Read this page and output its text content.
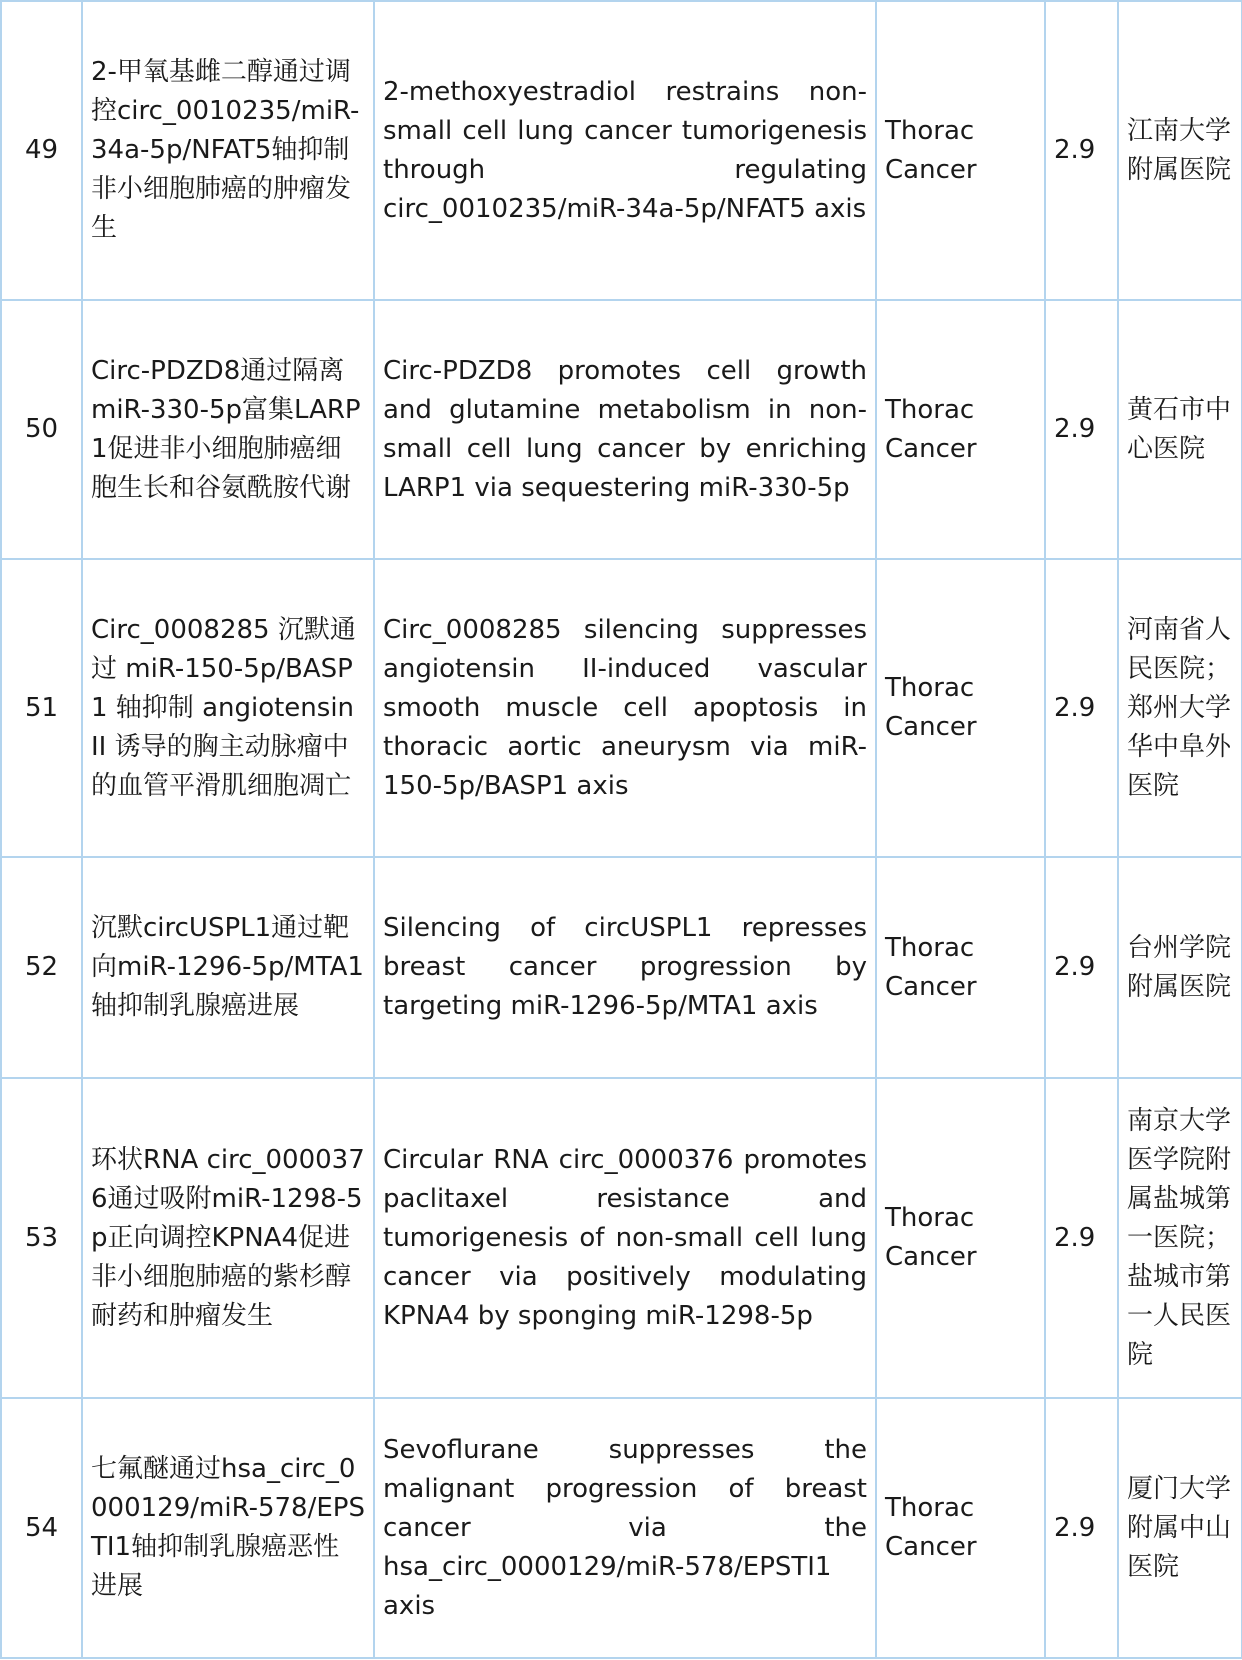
49	2-甲氧基雌二醇通过调控circ_0010235/miR-34a-5p/NFAT5轴抑制非小细胞肺癌的肿瘤发生	2-methoxyestradiol restrains non-small cell lung cancer tumorigenesis through regulating circ_0010235/miR-34a-5p/NFAT5 axis	Thorac Cancer	2.9	江南大学附属医院
50	Circ-PDZD8通过隔离miR-330-5p富集LARP1促进非小细胞肺癌细胞生长和谷氨酰胺代谢	Circ-PDZD8 promotes cell growth and glutamine metabolism in non-small cell lung cancer by enriching LARP1 via sequestering miR-330-5p	Thorac Cancer	2.9	黄石市中心医院
51	Circ_0008285 沉默通过 miR-150-5p/BASP1 轴抑制 angiotensin II 诱导的胸主动脉瘤中的血管平滑肌细胞凋亡	Circ_0008285 silencing suppresses angiotensin II-induced vascular smooth muscle cell apoptosis in thoracic aortic aneurysm via miR-150-5p/BASP1 axis	Thorac Cancer	2.9	河南省人民医院；郑州大学华中阜外医院
52	沉默circUSPL1通过靶向miR-1296-5p/MTA1轴抑制乳腺癌进展	Silencing of circUSPL1 represses breast cancer progression by targeting miR-1296-5p/MTA1 axis	Thorac Cancer	2.9	台州学院附属医院
53	环状RNA circ_0000376通过吸附miR-1298-5p正向调控KPNA4促进非小细胞肺癌的紫杉醇耐药和肿瘤发生	Circular RNA circ_0000376 promotes paclitaxel resistance and tumorigenesis of non-small cell lung cancer via positively modulating KPNA4 by sponging miR-1298-5p	Thorac Cancer	2.9	南京大学医学院附属盐城第一医院；盐城市第一人民医院
54	七氟醚通过hsa_circ_0000129/miR-578/EPSTI1轴抑制乳腺癌恶性进展	Sevoflurane suppresses the malignant progression of breast cancer via the hsa_circ_0000129/miR-578/EPSTI1 axis	Thorac Cancer	2.9	厦门大学附属中山医院
